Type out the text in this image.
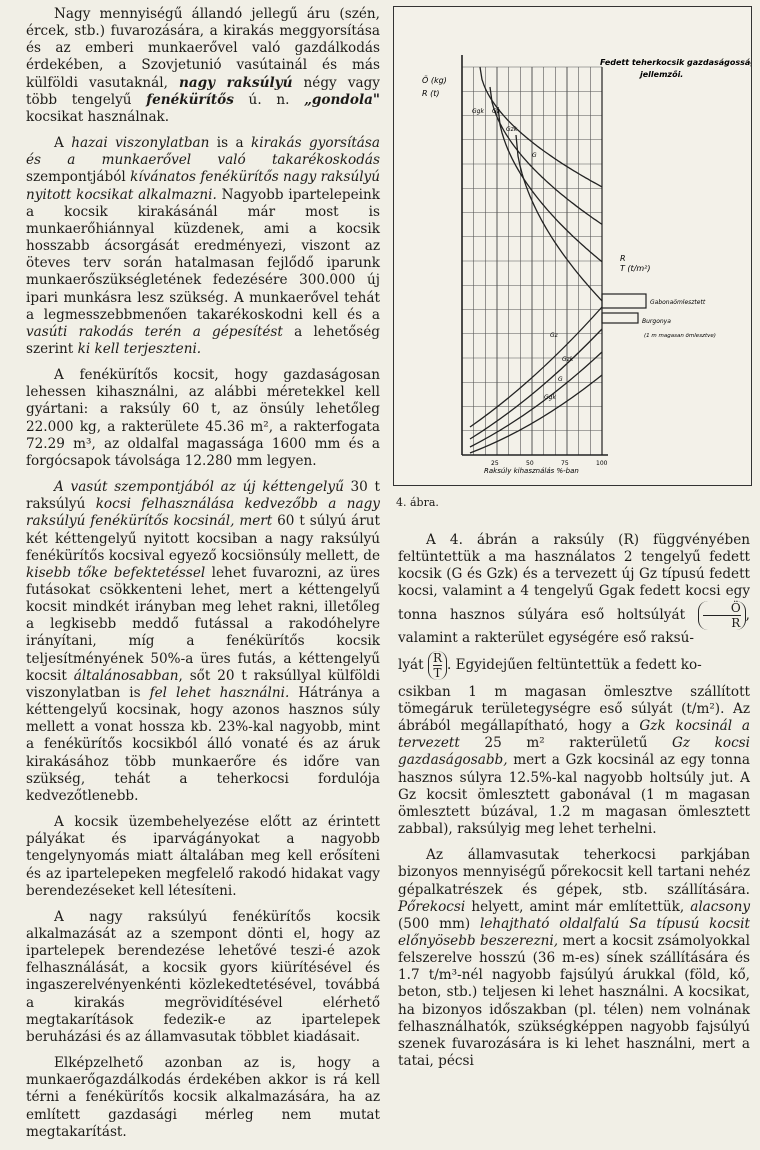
Nagy mennyiségű állandó jellegű áru (szén, ércek, stb.) fuvarozására, a kirakás meggyorsítása és az emberi munkaerővel való gazdálkodás érdekében, a Szovjetunió vasútainál és más külföldi vasutaknál, nagy raksúlyú négy vagy több tengelyű fenékürítős ú. n. „gondola" kocsikat használnak.

A hazai viszonylatban is a kirakás gyorsítása és a munkaerővel való takarékoskodás szempontjából kívánatos fenékürítős nagy raksúlyú nyitott kocsikat alkalmazni. Nagyobb ipartelepeink a kocsik kirakásánál már most is munkaerőhiánnyal küzdenek, ami a kocsik hosszabb ácsorgását eredményezi, viszont az öteves terv során hatalmasan fejlődő iparunk munkaerőszükségletének fedezésére 300.000 új ipari munkásra lesz szükség. A munkaerővel tehát a legmesszebbmenően takarékoskodni kell és a vasúti rakodás terén a gépesítést a lehetőség szerint ki kell terjeszteni.

A fenékürítős kocsit, hogy gazdaságosan lehessen kihasználni, az alábbi méretekkel kell gyártani: a raksúly 60 t, az önsúly lehetőleg 22.000 kg, a rakterülete 45.36 m², a rakterfogata 72.29 m³, az oldalfal magassága 1600 mm és a forgócsapok távolsága 12.280 mm legyen.

A vasút szempontjából az új kéttengelyű 30 t raksúlyú kocsi felhasználása kedvezőbb a nagy raksúlyú fenékürítős kocsinál, mert 60 t súlyú árut két kéttengelyű nyitott kocsiban a nagy raksúlyú fenékürítős kocsival egyező kocsiönsúly mellett, de kisebb tőke befektetéssel lehet fuvarozni, az üres futásokat csökkenteni lehet, mert a kéttengelyű kocsit mindkét irányban meg lehet rakni, illetőleg a legkisebb meddő futással a rakodóhelyre irányítani, míg a fenékürítős kocsik teljesítményének 50%-a üres futás, a kéttengelyű kocsit általánosabban, sőt 20 t raksúllyal külföldi viszonylatban is fel lehet használni. Hátránya a kéttengelyű kocsinak, hogy azonos hasznos súly mellett a vonat hossza kb. 23%-kal nagyobb, mint a fenékürítős kocsikból álló vonaté és az áruk kirakásához több munkaerőre és időre van szükség, tehát a teherkocsi fordulója kedvezőtlenebb.

A kocsik üzembehelyezése előtt az érintett pályákat és iparvágányokat a nagyobb tengelynyomás miatt általában meg kell erősíteni és az ipartelepeken megfelelő rakodó hidakat vagy berendezéseket kell létesíteni.

A nagy raksúlyú fenékürítős kocsik alkalmazását az a szempont dönti el, hogy az ipartelepek berendezése lehetővé teszi-é azok felhasználását, a kocsik gyors kiürítésével és ingaszerelvényenkénti közlekedtetésével, továbbá a kirakás megrövidítésével elérhető megtakarítások fedezik-e az ipartelepek beruházási és az államvasutak többlet kiadásait.

Elképzelhető azonban az is, hogy a munkaerőgazdálkodás érdekében akkor is rá kell térni a fenékürítős kocsik alkalmazására, ha az említett gazdasági mérleg nem mutat megtakarítást.

25	50	75	100
Ggk Gz
Gzk
G
Gz
Gzk
G
Ggk
Fedett teherkocsik gazdaságossági
jellemzői.
Ö (kg)
R (t)
R
T (t/m²)
Raksúly kihasználás %-ban
Gabonaömlesztett
Burgonya
(1 m magasan ömlesztve)
4. ábra.

A 4. ábrán a raksúly (R) függvényében feltüntettük a ma használatos 2 tengelyű fedett kocsik (G és Gzk) és a tervezett új Gz típusú fedett kocsi, valamint a 4 tengelyű Ggak fedett kocsi egy tonna hasznos súlyára eső holtsúlyát $\frac{Ö}{R}$ , valamint a rakterület egységére eső raksú-

lyát $\frac{R}{T}$ . Egyidejűen feltüntettük a fedett ko-

csikban 1 m magasan ömlesztve szállított tömegáruk területegységre eső súlyát (t/m²). Az ábrából megállapítható, hogy a Gzk kocsinál a tervezett 25 m² rakterületű Gz kocsi gazdaságosabb, mert a Gzk kocsinál az egy tonna hasznos súlyra 12.5%-kal nagyobb holtsúly jut. A Gz kocsit ömlesztett gabonával (1 m magasan ömlesztett búzával, 1.2 m magasan ömlesztett zabbal), raksúlyig meg lehet terhelni.

Az államvasutak teherkocsi parkjában bizonyos mennyiségű pőrekocsit kell tartani nehéz gépalkatrészek és gépek, stb. szállítására. Pőrekocsi helyett, amint már említettük, alacsony (500 mm) lehajtható oldalfalú Sa típusú kocsit előnyösebb beszerezni, mert a kocsit zsámolyokkal felszerelve hosszú (36 m-es) sínek szállítására és 1.7 t/m³-nél nagyobb fajsúlyú árukkal (föld, kő, beton, stb.) teljesen ki lehet használni. A kocsikat, ha bizonyos időszakban (pl. télen) nem volnának felhasználhatók, szükségképpen nagyobb fajsúlyú szenek fuvarozására is ki lehet használni, mert a tatai, pécsi
